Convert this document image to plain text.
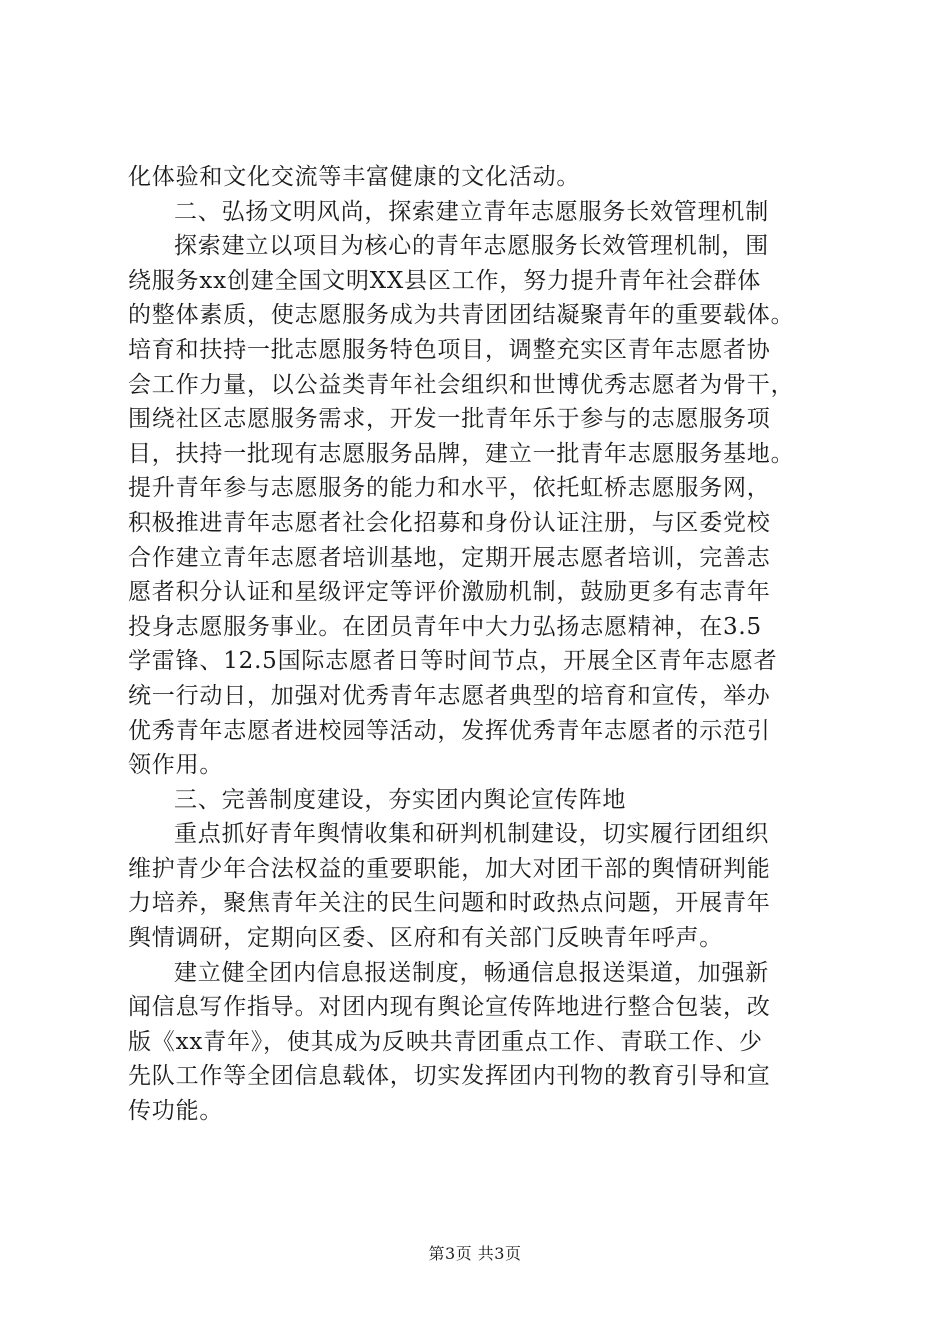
化体验和文化交流等丰富健康的文化活动。
二、弘扬文明风尚，探索建立青年志愿服务长效管理机制
探索建立以项目为核心的青年志愿服务长效管理机制，围
绕服务xx创建全国文明XX县区工作，努力提升青年社会群体
的整体素质，使志愿服务成为共青团团结凝聚青年的重要载体。
培育和扶持一批志愿服务特色项目，调整充实区青年志愿者协
会工作力量，以公益类青年社会组织和世博优秀志愿者为骨干，
围绕社区志愿服务需求，开发一批青年乐于参与的志愿服务项
目，扶持一批现有志愿服务品牌，建立一批青年志愿服务基地。
提升青年参与志愿服务的能力和水平，依托虹桥志愿服务网，
积极推进青年志愿者社会化招募和身份认证注册，与区委党校
合作建立青年志愿者培训基地，定期开展志愿者培训，完善志
愿者积分认证和星级评定等评价激励机制，鼓励更多有志青年
投身志愿服务事业。在团员青年中大力弘扬志愿精神，在3.5
学雷锋、12.5国际志愿者日等时间节点，开展全区青年志愿者
统一行动日，加强对优秀青年志愿者典型的培育和宣传，举办
优秀青年志愿者进校园等活动，发挥优秀青年志愿者的示范引
领作用。
三、完善制度建设，夯实团内舆论宣传阵地
重点抓好青年舆情收集和研判机制建设，切实履行团组织
维护青少年合法权益的重要职能，加大对团干部的舆情研判能
力培养，聚焦青年关注的民生问题和时政热点问题，开展青年
舆情调研，定期向区委、区府和有关部门反映青年呼声。
建立健全团内信息报送制度，畅通信息报送渠道，加强新
闻信息写作指导。对团内现有舆论宣传阵地进行整合包装，改
版《xx青年》，使其成为反映共青团重点工作、青联工作、少
先队工作等全团信息载体，切实发挥团内刊物的教育引导和宣
传功能。
第3页 共3页
